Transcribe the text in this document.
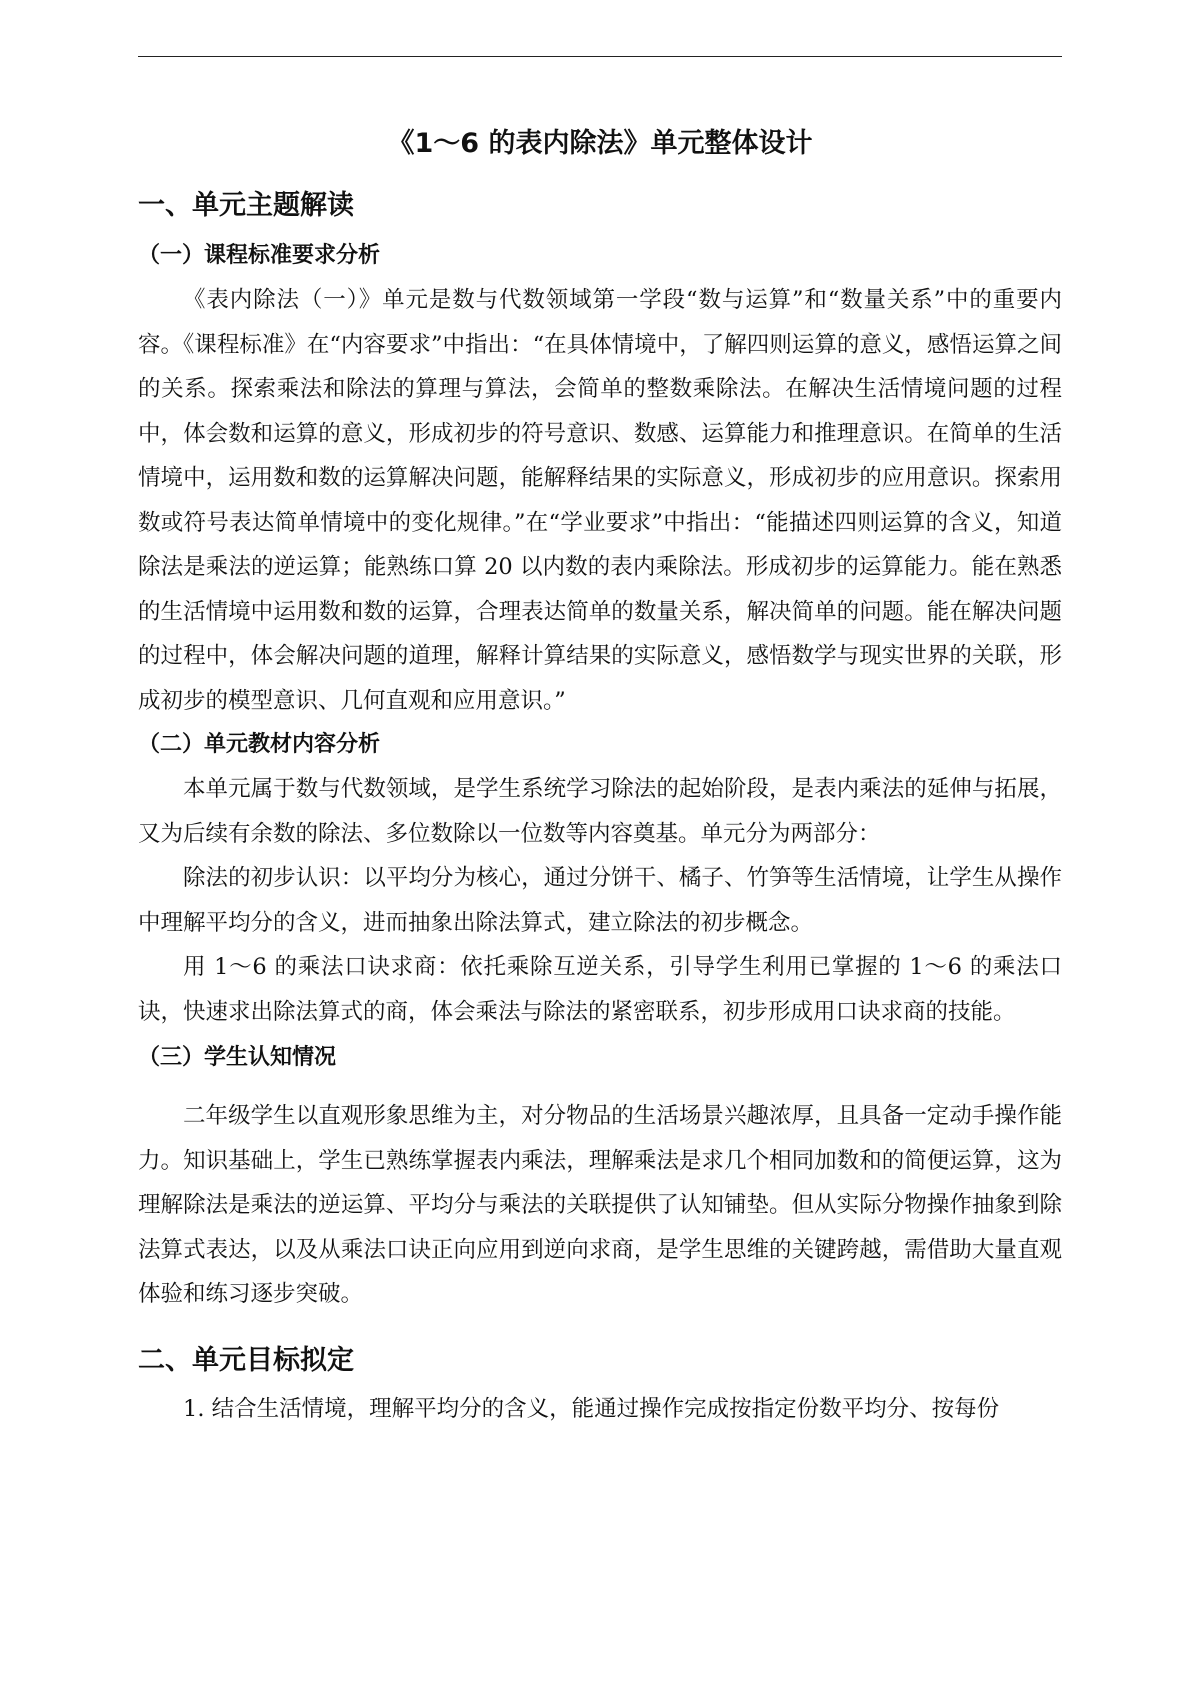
《1～6 的表内除法》单元整体设计
一、单元主题解读
（一）课程标准要求分析

《表内除法（一）》单元是数与代数领域第一学段“数与运算”和“数量关系”中的重要内容。《课程标准》在“内容要求”中指出：“在具体情境中，了解四则运算的意义，感悟运算之间的关系。探索乘法和除法的算理与算法，会简单的整数乘除法。在解决生活情境问题的过程中，体会数和运算的意义，形成初步的符号意识、数感、运算能力和推理意识。在简单的生活情境中，运用数和数的运算解决问题，能解释结果的实际意义，形成初步的应用意识。探索用数或符号表达简单情境中的变化规律。”在“学业要求”中指出：“能描述四则运算的含义，知道除法是乘法的逆运算；能熟练口算 20 以内数的表内乘除法。形成初步的运算能力。能在熟悉的生活情境中运用数和数的运算，合理表达简单的数量关系，解决简单的问题。能在解决问题的过程中，体会解决问题的道理，解释计算结果的实际意义，感悟数学与现实世界的关联，形成初步的模型意识、几何直观和应用意识。”

（二）单元教材内容分析

本单元属于数与代数领域，是学生系统学习除法的起始阶段，是表内乘法的延伸与拓展，又为后续有余数的除法、多位数除以一位数等内容奠基。单元分为两部分：

除法的初步认识：以平均分为核心，通过分饼干、橘子、竹笋等生活情境，让学生从操作中理解平均分的含义，进而抽象出除法算式，建立除法的初步概念。

用 1～6 的乘法口诀求商：依托乘除互逆关系，引导学生利用已掌握的 1～6 的乘法口诀，快速求出除法算式的商，体会乘法与除法的紧密联系，初步形成用口诀求商的技能。

（三）学生认知情况

二年级学生以直观形象思维为主，对分物品的生活场景兴趣浓厚，且具备一定动手操作能力。知识基础上，学生已熟练掌握表内乘法，理解乘法是求几个相同加数和的简便运算，这为理解除法是乘法的逆运算、平均分与乘法的关联提供了认知铺垫。但从实际分物操作抽象到除法算式表达，以及从乘法口诀正向应用到逆向求商，是学生思维的关键跨越，需借助大量直观体验和练习逐步突破。

二、单元目标拟定

1. 结合生活情境，理解平均分的含义，能通过操作完成按指定份数平均分、按每份
